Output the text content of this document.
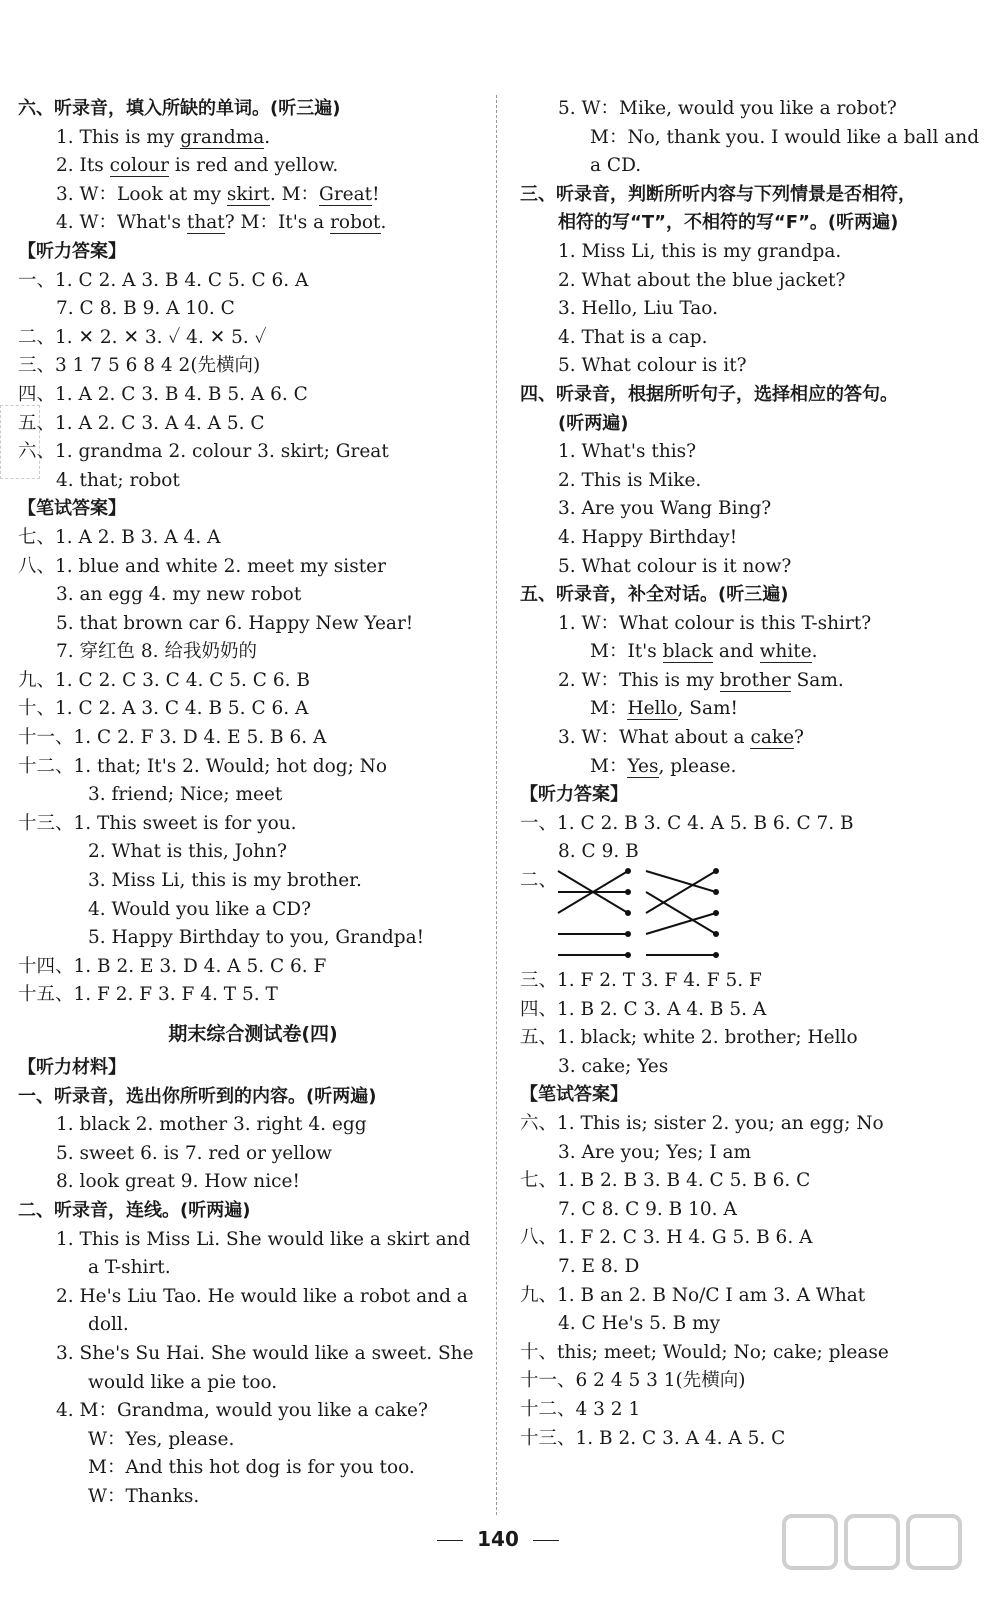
六、听录音，填入所缺的单词。(听三遍)
1. This is my grandma.
2. Its colour is red and yellow.
3. W：Look at my skirt. M：Great!
4. W：What's that? M：It's a robot.
【听力答案】
一、1. C 2. A 3. B 4. C 5. C 6. A
7. C 8. B 9. A 10. C
二、1. ✕ 2. ✕ 3. ✓ 4. ✕ 5. ✓
三、3 1 7 5 6 8 4 2(先横向)
四、1. A 2. C 3. B 4. B 5. A 6. C
五、1. A 2. C 3. A 4. A 5. C
六、1. grandma 2. colour 3. skirt; Great
4. that; robot
【笔试答案】
七、1. A 2. B 3. A 4. A
八、1. blue and white 2. meet my sister
3. an egg 4. my new robot
5. that brown car 6. Happy New Year!
7. 穿红色 8. 给我奶奶的
九、1. C 2. C 3. C 4. C 5. C 6. B
十、1. C 2. A 3. C 4. B 5. C 6. A
十一、1. C 2. F 3. D 4. E 5. B 6. A
十二、1. that; It's 2. Would; hot dog; No
3. friend; Nice; meet
十三、1. This sweet is for you.
2. What is this, John?
3. Miss Li, this is my brother.
4. Would you like a CD?
5. Happy Birthday to you, Grandpa!
十四、1. B 2. E 3. D 4. A 5. C 6. F
十五、1. F 2. F 3. F 4. T 5. T
期末综合测试卷(四)
【听力材料】
一、听录音，选出你所听到的内容。(听两遍)
1. black 2. mother 3. right 4. egg
5. sweet 6. is 7. red or yellow
8. look great 9. How nice!
二、听录音，连线。(听两遍)
1. This is Miss Li. She would like a skirt and
a T-shirt.
2. He's Liu Tao. He would like a robot and a
doll.
3. She's Su Hai. She would like a sweet. She
would like a pie too.
4. M：Grandma, would you like a cake?
W：Yes, please.
M：And this hot dog is for you too.
W：Thanks.
5. W：Mike, would you like a robot?
M：No, thank you. I would like a ball and
a CD.
三、听录音，判断所听内容与下列情景是否相符，
相符的写“T”，不相符的写“F”。(听两遍)
1. Miss Li, this is my grandpa.
2. What about the blue jacket?
3. Hello, Liu Tao.
4. That is a cap.
5. What colour is it?
四、听录音，根据所听句子，选择相应的答句。
(听两遍)
1. What's this?
2. This is Mike.
3. Are you Wang Bing?
4. Happy Birthday!
5. What colour is it now?
五、听录音，补全对话。(听三遍)
1. W：What colour is this T-shirt?
M：It's black and white.
2. W：This is my brother Sam.
M：Hello, Sam!
3. W：What about a cake?
M：Yes, please.
【听力答案】
一、1. C 2. B 3. C 4. A 5. B 6. C 7. B
8. C 9. B
二、
三、1. F 2. T 3. F 4. F 5. F
四、1. B 2. C 3. A 4. B 5. A
五、1. black; white 2. brother; Hello
3. cake; Yes
【笔试答案】
六、1. This is; sister 2. you; an egg; No
3. Are you; Yes; I am
七、1. B 2. B 3. B 4. C 5. B 6. C
7. C 8. C 9. B 10. A
八、1. F 2. C 3. H 4. G 5. B 6. A
7. E 8. D
九、1. B an 2. B No/C I am 3. A What
4. C He's 5. B my
十、this; meet; Would; No; cake; please
十一、6 2 4 5 3 1(先横向)
十二、4 3 2 1
十三、1. B 2. C 3. A 4. A 5. C
140
